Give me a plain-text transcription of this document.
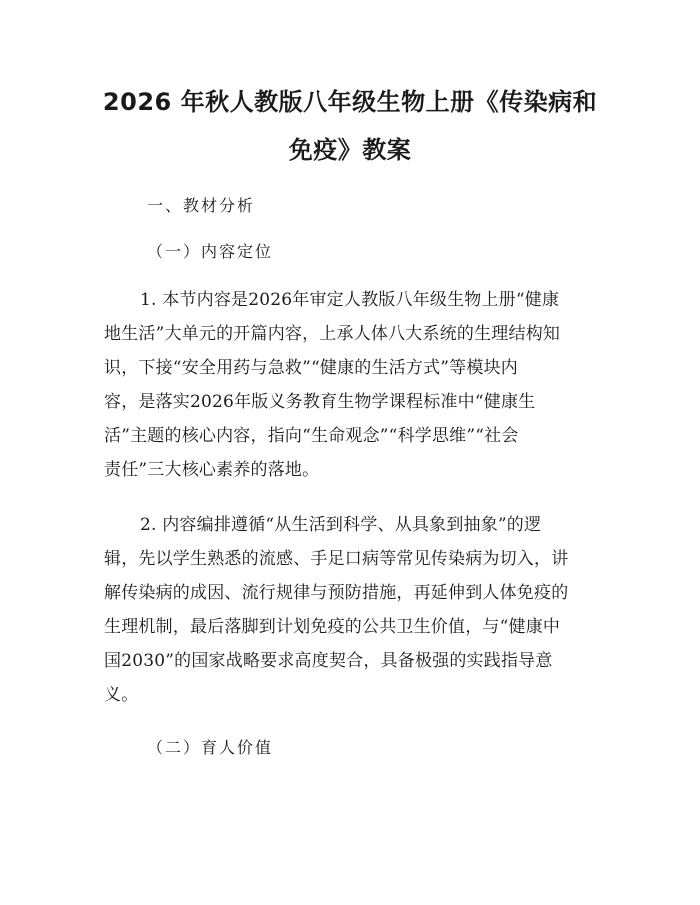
2026 年秋人教版八年级生物上册《传染病和
免疫》教案
一、教材分析
（一）内容定位
1. 本节内容是2026年审定人教版八年级生物上册“健康
地生活”大单元的开篇内容，上承人体八大系统的生理结构知
识，下接“安全用药与急救”“健康的生活方式”等模块内
容，是落实2026年版义务教育生物学课程标准中“健康生
活”主题的核心内容，指向“生命观念”“科学思维”“社会
责任”三大核心素养的落地。
2. 内容编排遵循“从生活到科学、从具象到抽象”的逻
辑，先以学生熟悉的流感、手足口病等常见传染病为切入，讲
解传染病的成因、流行规律与预防措施，再延伸到人体免疫的
生理机制，最后落脚到计划免疫的公共卫生价值，与“健康中
国2030”的国家战略要求高度契合，具备极强的实践指导意
义。
（二）育人价值
